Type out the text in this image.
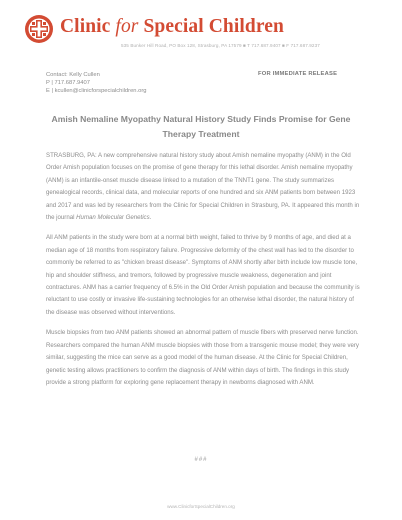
Clinic for Special Children
535 Bunker Hill Road, PO Box 128, Strasburg, PA 17579 ■ T 717.687.9407 ■ F 717.687.9237
Contact: Kelly Cullen
P | 717.687.9407
E | kcullen@clinicforspecialchildren.org
FOR IMMEDIATE RELEASE
Amish Nemaline Myopathy Natural History Study Finds Promise for Gene Therapy Treatment

STRASBURG, PA: A new comprehensive natural history study about Amish nemaline myopathy (ANM) in the Old Order Amish population focuses on the promise of gene therapy for this lethal disorder. Amish nemaline myopathy (ANM) is an infantile-onset muscle disease linked to a mutation of the TNNT1 gene. The study summarizes genealogical records, clinical data, and molecular reports of one hundred and six ANM patients born between 1923 and 2017 and was led by researchers from the Clinic for Special Children in Strasburg, PA. It appeared this month in the journal Human Molecular Genetics.

All ANM patients in the study were born at a normal birth weight, failed to thrive by 9 months of age, and died at a median age of 18 months from respiratory failure. Progressive deformity of the chest wall has led to the disorder to commonly be referred to as "chicken breast disease". Symptoms of ANM shortly after birth include low muscle tone, hip and shoulder stiffness, and tremors, followed by progressive muscle weakness, degeneration and joint contractures. ANM has a carrier frequency of 6.5% in the Old Order Amish population and because the community is reluctant to use costly or invasive life-sustaining technologies for an otherwise lethal disorder, the natural history of the disease was observed without interventions.

Muscle biopsies from two ANM patients showed an abnormal pattern of muscle fibers with preserved nerve function. Researchers compared the human ANM muscle biopsies with those from a transgenic mouse model; they were very similar, suggesting the mice can serve as a good model of the human disease. At the Clinic for Special Children, genetic testing allows practitioners to confirm the diagnosis of ANM within days of birth. The findings in this study provide a strong platform for exploring gene replacement therapy in newborns diagnosed with ANM.

###
www.ClinicforSpecialChildren.org
